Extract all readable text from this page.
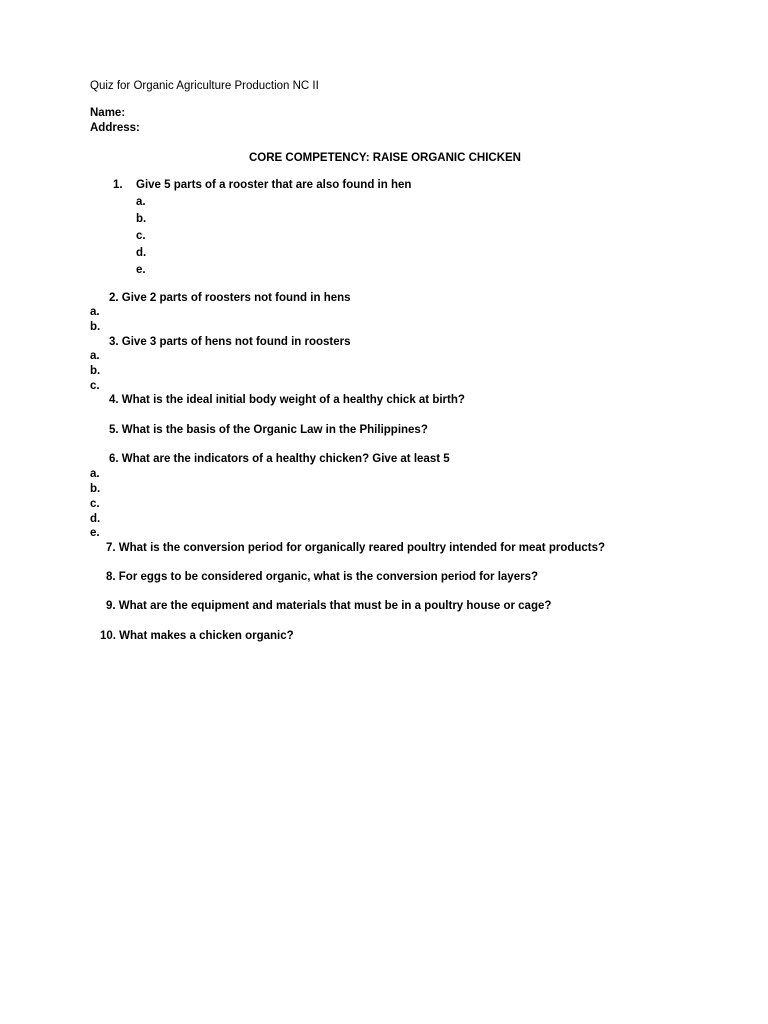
Quiz for Organic Agriculture Production NC II
Name:
Address:
CORE COMPETENCY: RAISE ORGANIC CHICKEN
1. Give 5 parts of a rooster that are also found in hen
a.
b.
c.
d.
e.
2. Give 2 parts of roosters not found in hens
a.
b.
3. Give 3 parts of hens not found in roosters
a.
b.
c.
4. What is the ideal initial body weight of a healthy chick at birth?
5. What is the basis of the Organic Law in the Philippines?
6. What are the indicators of a healthy chicken? Give at least 5
a.
b.
c.
d.
e.
7. What is the conversion period for organically reared poultry intended for meat products?
8. For eggs to be considered organic, what is the conversion period for layers?
9. What are the equipment and materials that must be in a poultry house or cage?
10. What makes a chicken organic?
